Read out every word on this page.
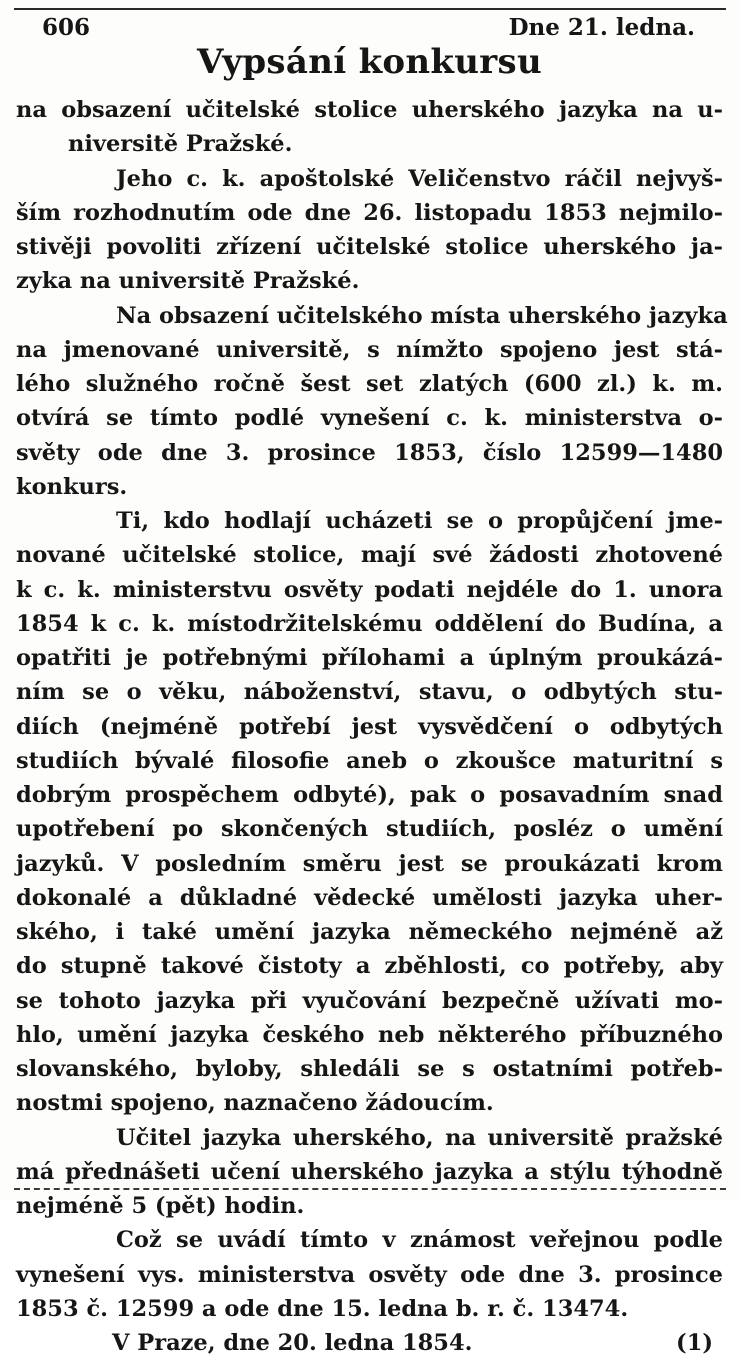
606	Dne 21. ledna.
Vypsání konkursu
na obsazení učitelské stolice uherského jazyka na u-
niversitě Pražské.
Jeho c. k. apoštolské Veličenstvo ráčil nejvyš-
ším rozhodnutím ode dne 26. listopadu 1853 nejmilo-
stivěji povoliti zřízení učitelské stolice uherského ja-
zyka na universitě Pražské.
Na obsazení učitelského místa uherského jazyka
na jmenované universitě, s nímžto spojeno jest stá-
lého služného ročně šest set zlatých (600 zl.) k. m.
otvírá se tímto podlé vynešení c. k. ministerstva o-
světy ode dne 3. prosince 1853, číslo 12599—1480
konkurs.
Ti, kdo hodlají ucházeti se o propůjčení jme-
nované učitelské stolice, mají své žádosti zhotovené
k c. k. ministerstvu osvěty podati nejdéle do 1. unora
1854 k c. k. místodržitelskému oddělení do Budína, a
opatřiti je potřebnými přílohami a úplným proukázá-
ním se o věku, náboženství, stavu, o odbytých stu-
diích (nejméně potřebí jest vysvědčení o odbytých
studiích bývalé filosofie aneb o zkoušce maturitní s
dobrým prospěchem odbyté), pak o posavadním snad
upotřebení po skončených studiích, posléz o umění
jazyků. V posledním směru jest se proukázati krom
dokonalé a důkladné vědecké umělosti jazyka uher-
ského, i také umění jazyka německého nejméně až
do stupně takové čistoty a zběhlosti, co potřeby, aby
se tohoto jazyka při vyučování bezpečně užívati mo-
hlo, umění jazyka českého neb některého příbuzného
slovanského, byloby, shledáli se s ostatními potřeb-
nostmi spojeno, naznačeno žádoucím.
Učitel jazyka uherského, na universitě pražské
má přednášeti učení uherského jazyka a stýlu týhodně
nejméně 5 (pět) hodin.
Což se uvádí tímto v známost veřejnou podle
vynešení vys. ministerstva osvěty ode dne 3. prosince
1853 č. 12599 a ode dne 15. ledna b. r. č. 13474.
V Praze, dne 20. ledna 1854.	(1)
